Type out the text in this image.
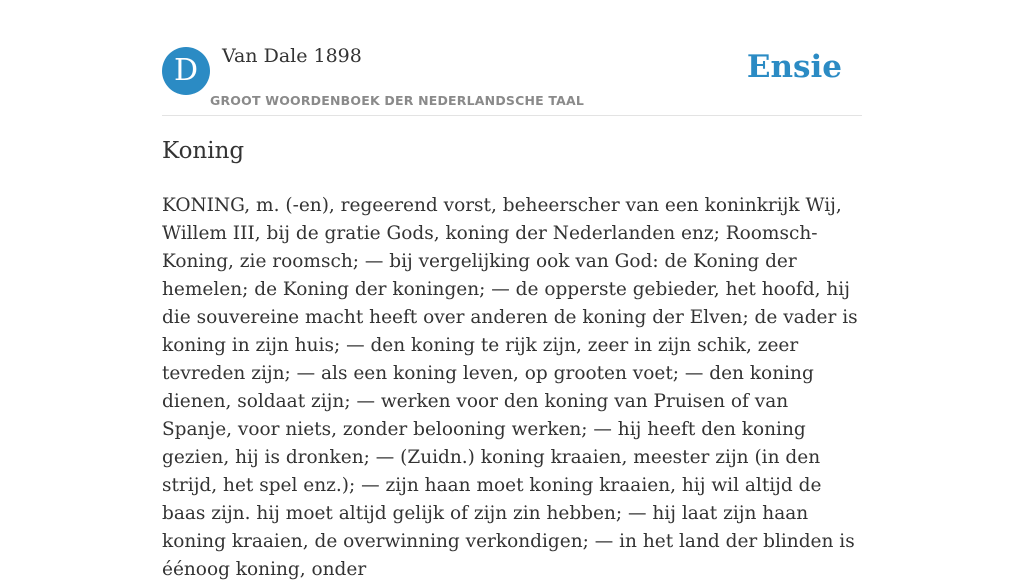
D	Van Dale 1898
GROOT WOORDENBOEK DER NEDERLANDSCHE TAAL
Ensie
Koning

KONING, m. (-en), regeerend vorst, beheerscher van een koninkrijk Wij, Willem III, bij de gratie Gods, koning der Nederlanden enz; Roomsch-Koning, zie roomsch; — bij vergelijking ook van God: de Koning der hemelen; de Koning der koningen; — de opperste gebieder, het hoofd, hij die souvereine macht heeft over anderen de koning der Elven; de vader is koning in zijn huis; — den koning te rijk zijn, zeer in zijn schik, zeer tevreden zijn; — als een koning leven, op grooten voet; — den koning dienen, soldaat zijn; — werken voor den koning van Pruisen of van Spanje, voor niets, zonder belooning werken; — hij heeft den koning gezien, hij is dronken; — (Zuidn.) koning kraaien, meester zijn (in den strijd, het spel enz.); — zijn haan moet koning kraaien, hij wil altijd de baas zijn. hij moet altijd gelijk of zijn zin hebben; — hij laat zijn haan koning kraaien, de overwinning verkondigen; — in het land der blinden is éénoog koning, onder
